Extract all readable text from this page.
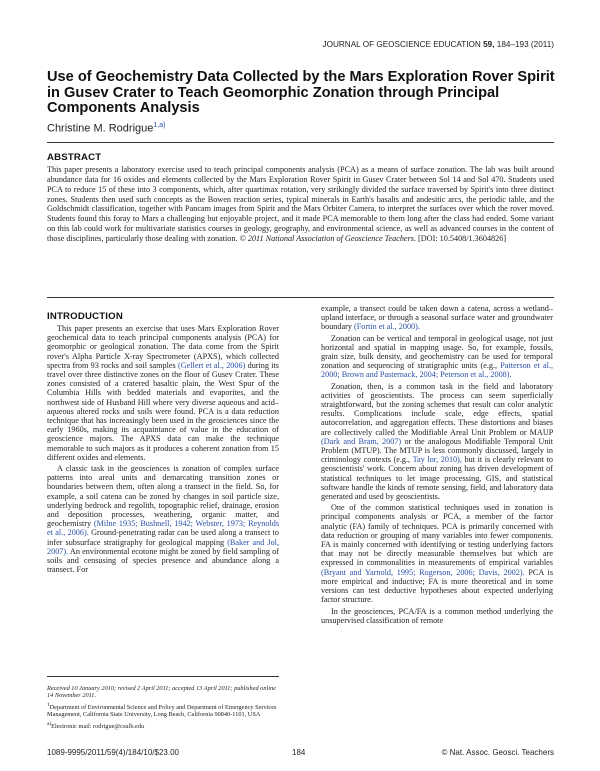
JOURNAL OF GEOSCIENCE EDUCATION 59, 184–193 (2011)
Use of Geochemistry Data Collected by the Mars Exploration Rover Spirit in Gusev Crater to Teach Geomorphic Zonation through Principal Components Analysis
Christine M. Rodrigue$^{1,a)}$
ABSTRACT
This paper presents a laboratory exercise used to teach principal components analysis (PCA) as a means of surface zonation. The lab was built around abundance data for 16 oxides and elements collected by the Mars Exploration Rover Spirit in Gusev Crater between Sol 14 and Sol 470. Students used PCA to reduce 15 of these into 3 components, which, after quartimax rotation, very strikingly divided the surface traversed by Spirit's into three distinct zones. Students then used such concepts as the Bowen reaction series, typical minerals in Earth's basalts and andesitic arcs, the periodic table, and the Goldschmidt classification, together with Pancam images from Spirit and the Mars Orbiter Camera, to interpret the surfaces over which the rover moved. Students found this foray to Mars a challenging but enjoyable project, and it made PCA memorable to them long after the class had ended. Some variant on this lab could work for multivariate statistics courses in geology, geography, and environmental science, as well as advanced courses in the content of those disciplines, particularly those dealing with zonation. © 2011 National Association of Geoscience Teachers. [DOI: 10.5408/1.3604826]
INTRODUCTION

This paper presents an exercise that uses Mars Exploration Rover geochemical data to teach principal components analysis (PCA) for geomorphic or geological zonation. The data come from the Spirit rover's Alpha Particle X-ray Spectrometer (APXS), which collected spectra from 93 rocks and soil samples (Gellert et al., 2006) during its travel over three distinctive zones on the floor of Gusev Crater. These zones consisted of a cratered basaltic plain, the West Spur of the Columbia Hills with bedded materials and evaporites, and the northwest side of Husband Hill where very diverse aqueous and acid–aqueous altered rocks and soils were found. PCA is a data reduction technique that has increasingly been used in the geosciences since the early 1960s, making its acquaintance of value in the education of geoscience majors. The APXS data can make the technique memorable to such majors as it produces a coherent zonation from 15 different oxides and elements.

A classic task in the geosciences is zonation of complex surface patterns into areal units and demarcating transition zones or boundaries between them, often along a transect in the field. So, for example, a soil catena can be zoned by changes in soil particle size, underlying bedrock and regolith, topographic relief, drainage, erosion and deposition processes, weathering, organic matter, and geochemistry (Milne 1935; Bushnell, 1942; Webster, 1973; Reynolds et al., 2006). Ground-penetrating radar can be used along a transect to infer subsurface stratigraphy for geological mapping (Baker and Jol, 2007). An environmental ecotone might be zoned by field sampling of soils and censusing of species presence and abundance along a transect. For

example, a transect could be taken down a catena, across a wetland–upland interface, or through a seasonal surface water and groundwater boundary (Fortin et al., 2000).

Zonation can be vertical and temporal in geological usage, not just horizontal and spatial in mapping usage. So, for example, fossils, grain size, bulk density, and geochemistry can be used for temporal zonation and sequencing of stratigraphic units (e.g., Patterson et al., 2000; Brown and Pasternack, 2004; Peterson et al., 2008).

Zonation, then, is a common task in the field and laboratory activities of geoscientists. The process can seem superficially straightforward, but the zoning schemes that result can color analytic results. Complications include scale, edge effects, spatial autocorrelation, and aggregation effects. These distortions and biases are collectively called the Modifiable Areal Unit Problem or MAUP (Dark and Bram, 2007) or the analogous Modifiable Temporal Unit Problem (MTUP). The MTUP is less commonly discussed, largely in criminology contexts (e.g., Tay lor, 2010), but it is clearly relevant to geoscientists' work. Concern about zoning has driven development of statistical techniques to let image processing, GIS, and statistical software handle the kinds of remote sensing, field, and laboratory data generated and used by geoscientists.

One of the common statistical techniques used in zonation is principal components analysis or PCA, a member of the factor analytic (FA) family of techniques. PCA is primarily concerned with data reduction or grouping of many variables into fewer components. FA is mainly concerned with identifying or testing underlying factors that may not be directly measurable themselves but which are expressed in commonalities in measurements of empirical variables (Bryant and Yarnold, 1995; Rogerson, 2006; Davis, 2002). PCA is more empirical and inductive; FA is more theoretical and in some versions can test deductive hypotheses about expected underlying factor structure.

In the geosciences, PCA/FA is a common method underlying the unsupervised classification of remote

Received 10 January 2010; revised 2 April 2011; accepted 13 April 2011; published online 14 November 2011.
$^1$Department of Environmental Science and Policy and Department of Emergency Services Management, California State University, Long Beach, California 90840-1101, USA
$^{a)}$Electronic mail: rodrigue@csulb.edu
1089-9995/2011/59(4)/184/10/$23.00	184	© Nat. Assoc. Geosci. Teachers
